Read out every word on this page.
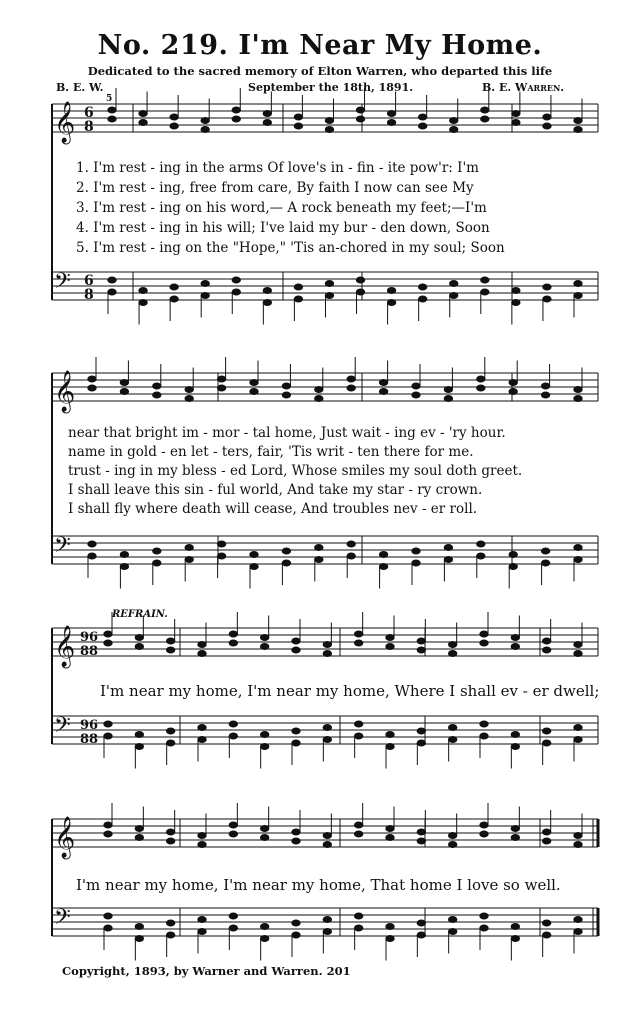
No. 219. I'm Near My Home.
Dedicated to the sacred memory of Elton Warren, who departed this life
B. E. W.	September the 18th, 1891.	B. E. Warren.
5
𝄞 6
8
𝄢 6
8
𝄞
𝄢
𝄞 96
88
𝄢 96
88
𝄞
𝄢
1. I'm rest - ing in the arms Of love's in - fin - ite pow'r: I'm
2. I'm rest - ing, free from care, By faith I now can see My
3. I'm rest - ing on his word,— A rock beneath my feet;—I'm
4. I'm rest - ing in his will; I've laid my bur - den down, Soon
5. I'm rest - ing on the "Hope," 'Tis an-chored in my soul; Soon
near that bright im - mor - tal home, Just wait - ing ev - 'ry hour.
name in gold - en let - ters, fair, 'Tis writ - ten there for me.
trust - ing in my bless - ed Lord, Whose smiles my soul doth greet.
I shall leave this sin - ful world, And take my star - ry crown.
I shall fly where death will cease, And troubles nev - er roll.
REFRAIN.
I'm near my home, I'm near my home, Where I shall ev - er dwell;
I'm near my home, I'm near my home, That home I love so well.
Copyright, 1893, by Warner and Warren. 201
